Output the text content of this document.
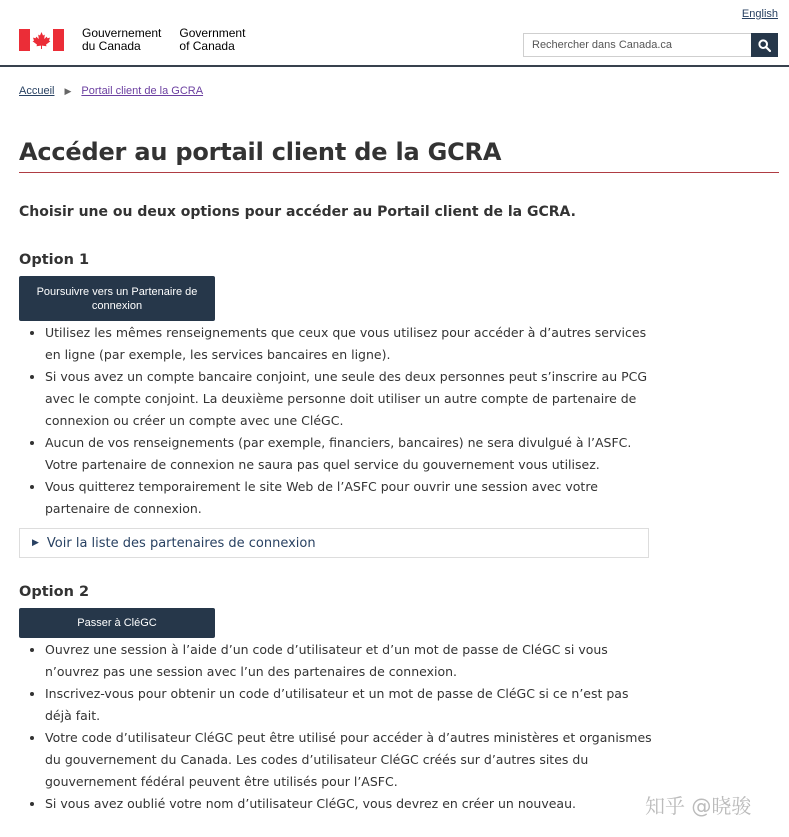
English
Gouvernement
du Canada
Government
of Canada
Rechercher dans Canada.ca
Accueil ▶ Portail client de la GCRA
Accéder au portail client de la GCRA

Choisir une ou deux options pour accéder au Portail client de la GCRA.

Option 1
Poursuivre vers un Partenaire de connexion
• Utilisez les mêmes renseignements que ceux que vous utilisez pour accéder à d’autres services en ligne (par exemple, les services bancaires en ligne).
• Si vous avez un compte bancaire conjoint, une seule des deux personnes peut s’inscrire au PCG avec le compte conjoint. La deuxième personne doit utiliser un autre compte de partenaire de connexion ou créer un compte avec une CléGC.
• Aucun de vos renseignements (par exemple, financiers, bancaires) ne sera divulgué à l’ASFC. Votre partenaire de connexion ne saura pas quel service du gouvernement vous utilisez.
• Vous quitterez temporairement le site Web de l’ASFC pour ouvrir une session avec votre partenaire de connexion.
▶ Voir la liste des partenaires de connexion
Option 2
Passer à CléGC
• Ouvrez une session à l’aide d’un code d’utilisateur et d’un mot de passe de CléGC si vous n’ouvrez pas une session avec l’un des partenaires de connexion.
• Inscrivez-vous pour obtenir un code d’utilisateur et un mot de passe de CléGC si ce n’est pas déjà fait.
• Votre code d’utilisateur CléGC peut être utilisé pour accéder à d’autres ministères et organismes du gouvernement du Canada. Les codes d’utilisateur CléGC créés sur d’autres sites du gouvernement fédéral peuvent être utilisés pour l’ASFC.
• Si vous avez oublié votre nom d’utilisateur CléGC, vous devrez en créer un nouveau.	知乎 @晓骏
